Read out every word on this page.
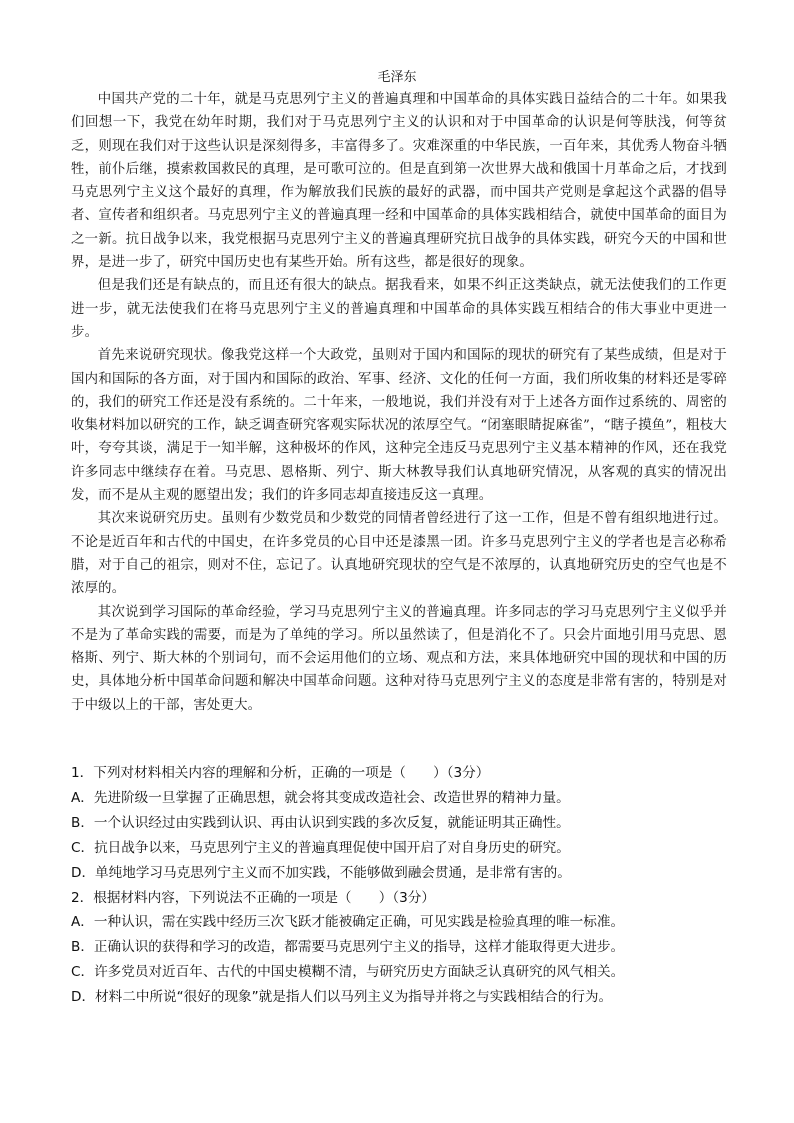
毛泽东

中国共产党的二十年，就是马克思列宁主义的普遍真理和中国革命的具体实践日益结合的二十年。如果我们回想一下，我党在幼年时期，我们对于马克思列宁主义的认识和对于中国革命的认识是何等肤浅，何等贫乏，则现在我们对于这些认识是深刻得多，丰富得多了。灾难深重的中华民族，一百年来，其优秀人物奋斗牺牲，前仆后继，摸索救国救民的真理，是可歌可泣的。但是直到第一次世界大战和俄国十月革命之后，才找到马克思列宁主义这个最好的真理，作为解放我们民族的最好的武器，而中国共产党则是拿起这个武器的倡导者、宣传者和组织者。马克思列宁主义的普遍真理一经和中国革命的具体实践相结合，就使中国革命的面目为之一新。抗日战争以来，我党根据马克思列宁主义的普遍真理研究抗日战争的具体实践，研究今天的中国和世界，是进一步了，研究中国历史也有某些开始。所有这些，都是很好的现象。

但是我们还是有缺点的，而且还有很大的缺点。据我看来，如果不纠正这类缺点，就无法使我们的工作更进一步，就无法使我们在将马克思列宁主义的普遍真理和中国革命的具体实践互相结合的伟大事业中更进一步。

首先来说研究现状。像我党这样一个大政党，虽则对于国内和国际的现状的研究有了某些成绩，但是对于国内和国际的各方面，对于国内和国际的政治、军事、经济、文化的任何一方面，我们所收集的材料还是零碎的，我们的研究工作还是没有系统的。二十年来，一般地说，我们并没有对于上述各方面作过系统的、周密的收集材料加以研究的工作，缺乏调查研究客观实际状况的浓厚空气。“闭塞眼睛捉麻雀”，“瞎子摸鱼”，粗枝大叶，夸夸其谈，满足于一知半解，这种极坏的作风，这种完全违反马克思列宁主义基本精神的作风，还在我党许多同志中继续存在着。马克思、恩格斯、列宁、斯大林教导我们认真地研究情况，从客观的真实的情况出发，而不是从主观的愿望出发；我们的许多同志却直接违反这一真理。

其次来说研究历史。虽则有少数党员和少数党的同情者曾经进行了这一工作，但是不曾有组织地进行过。不论是近百年和古代的中国史，在许多党员的心目中还是漆黑一团。许多马克思列宁主义的学者也是言必称希腊，对于自己的祖宗，则对不住，忘记了。认真地研究现状的空气是不浓厚的，认真地研究历史的空气也是不浓厚的。

其次说到学习国际的革命经验，学习马克思列宁主义的普遍真理。许多同志的学习马克思列宁主义似乎并不是为了革命实践的需要，而是为了单纯的学习。所以虽然读了，但是消化不了。只会片面地引用马克思、恩格斯、列宁、斯大林的个别词句，而不会运用他们的立场、观点和方法，来具体地研究中国的现状和中国的历史，具体地分析中国革命问题和解决中国革命问题。这种对待马克思列宁主义的态度是非常有害的，特别是对于中级以上的干部，害处更大。

1．下列对材料相关内容的理解和分析，正确的一项是（　　）（3分）
A．先进阶级一旦掌握了正确思想，就会将其变成改造社会、改造世界的精神力量。
B．一个认识经过由实践到认识、再由认识到实践的多次反复，就能证明其正确性。
C．抗日战争以来，马克思列宁主义的普遍真理促使中国开启了对自身历史的研究。
D．单纯地学习马克思列宁主义而不加实践，不能够做到融会贯通，是非常有害的。
2．根据材料内容，下列说法不正确的一项是（　　）（3分）
A．一种认识，需在实践中经历三次飞跃才能被确定正确，可见实践是检验真理的唯一标准。
B．正确认识的获得和学习的改造，都需要马克思列宁主义的指导，这样才能取得更大进步。
C．许多党员对近百年、古代的中国史模糊不清，与研究历史方面缺乏认真研究的风气相关。
D．材料二中所说“很好的现象”就是指人们以马列主义为指导并将之与实践相结合的行为。
